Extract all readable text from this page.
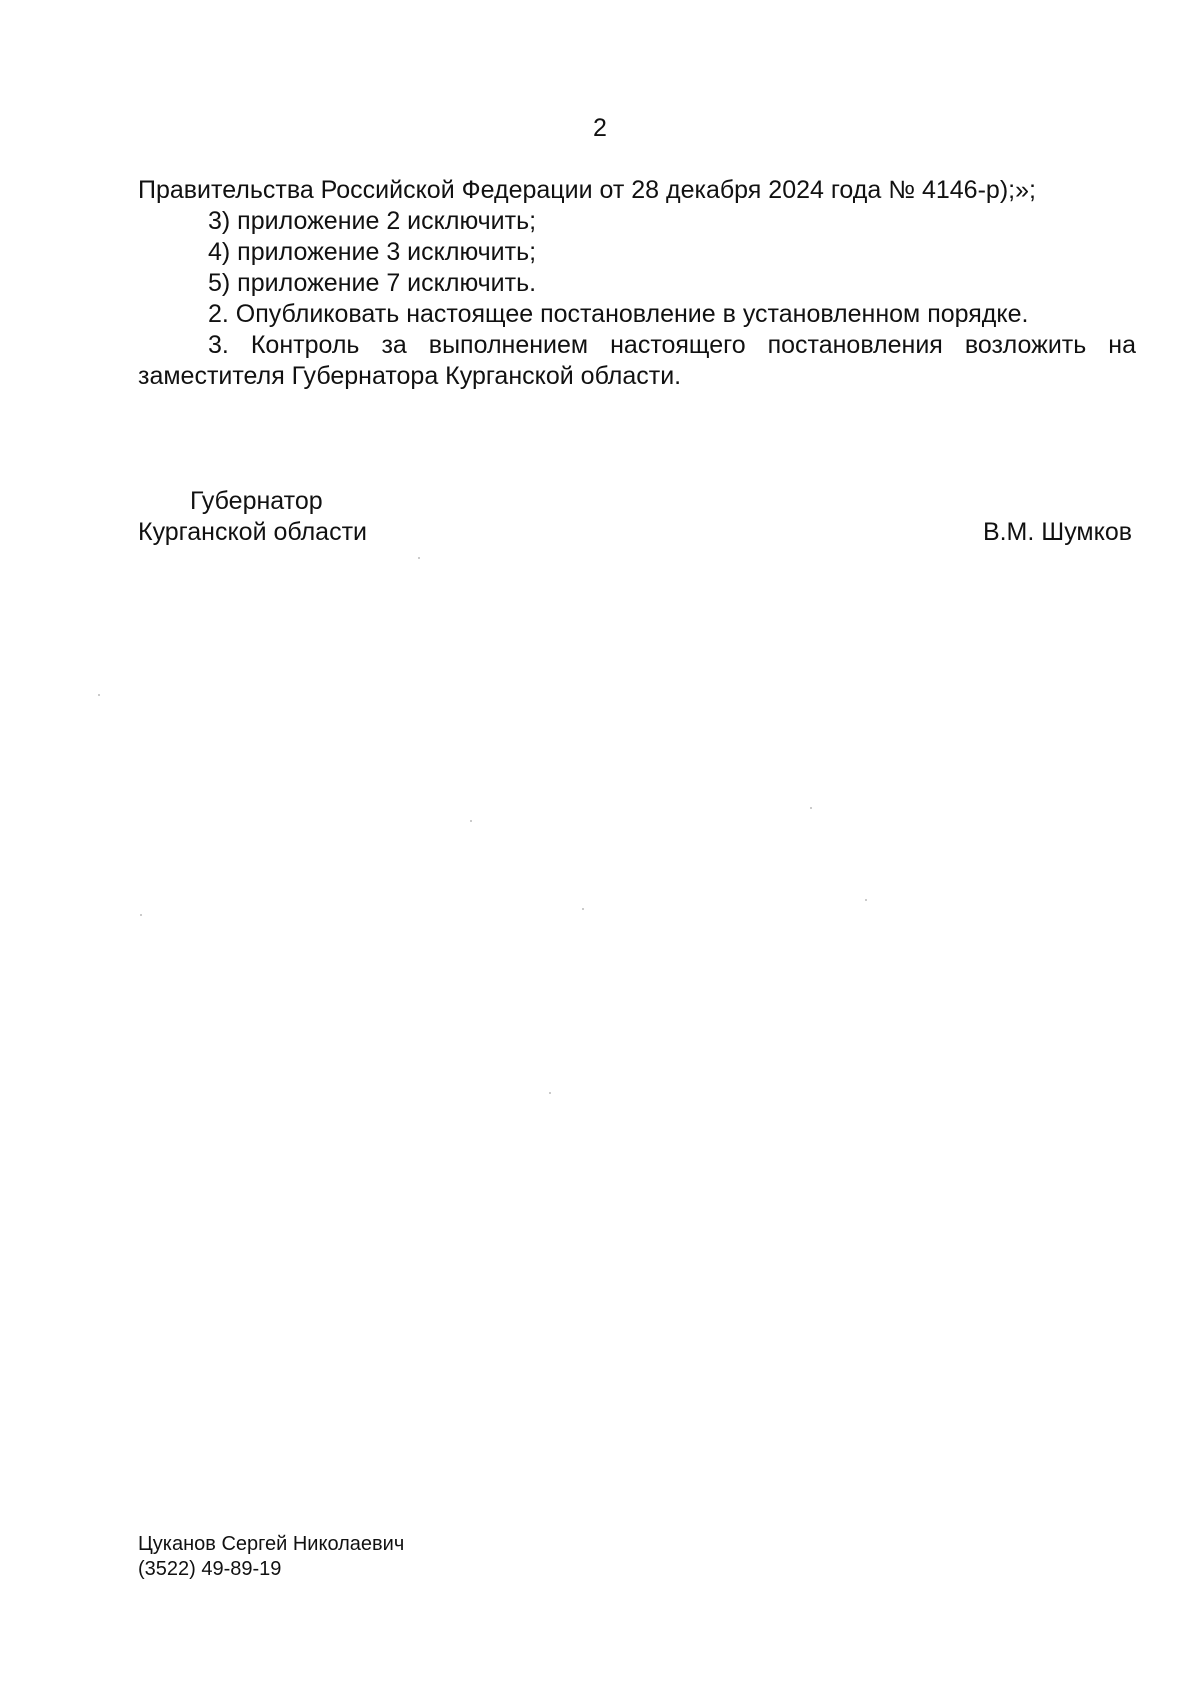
2
Правительства Российской Федерации от 28 декабря 2024 года № 4146-р);»;
3) приложение 2 исключить;
4) приложение 3 исключить;
5) приложение 7 исключить.
2. Опубликовать настоящее постановление в установленном порядке.
3. Контроль за выполнением настоящего постановления возложить на
заместителя Губернатора Курганской области.
Губернатор
Курганской области	В.М. Шумков
Цуканов Сергей Николаевич
(3522) 49-89-19
